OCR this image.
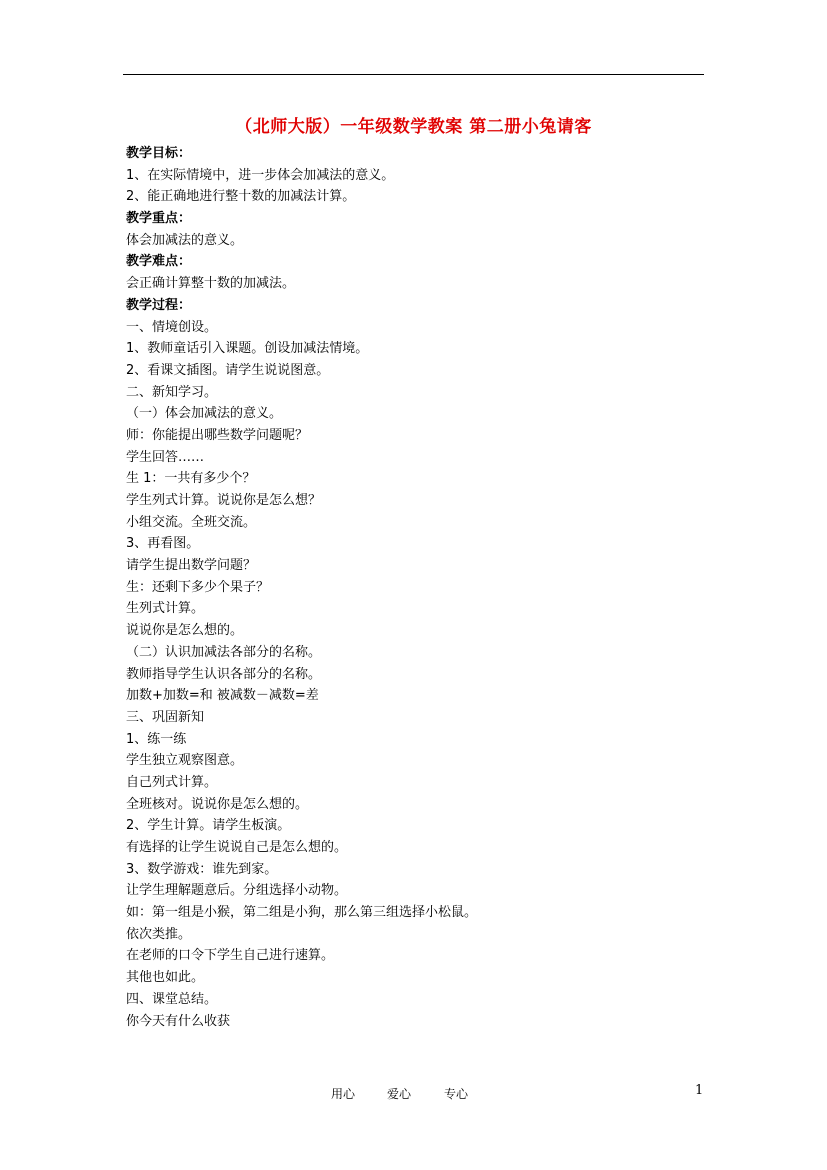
（北师大版）一年级数学教案 第二册小兔请客
教学目标：
1、在实际情境中，进一步体会加减法的意义。
2、能正确地进行整十数的加减法计算。
教学重点：
体会加减法的意义。
教学难点：
会正确计算整十数的加减法。
教学过程：
一、情境创设。
1、教师童话引入课题。创设加减法情境。
2、看课文插图。请学生说说图意。
二、新知学习。
（一）体会加减法的意义。
师：你能提出哪些数学问题呢？
学生回答……
生 1：一共有多少个？
学生列式计算。说说你是怎么想？
小组交流。全班交流。
3、再看图。
请学生提出数学问题？
生：还剩下多少个果子？
生列式计算。
说说你是怎么想的。
（二）认识加减法各部分的名称。
教师指导学生认识各部分的名称。
加数+加数=和 被减数－减数=差
三、巩固新知
1、练一练
学生独立观察图意。
自己列式计算。
全班核对。说说你是怎么想的。
2、学生计算。请学生板演。
有选择的让学生说说自己是怎么想的。
3、数学游戏：谁先到家。
让学生理解题意后。分组选择小动物。
如：第一组是小猴，第二组是小狗，那么第三组选择小松鼠。
依次类推。
在老师的口令下学生自己进行速算。
其他也如此。
四、课堂总结。
你今天有什么收获
用心	爱心	专心	1
